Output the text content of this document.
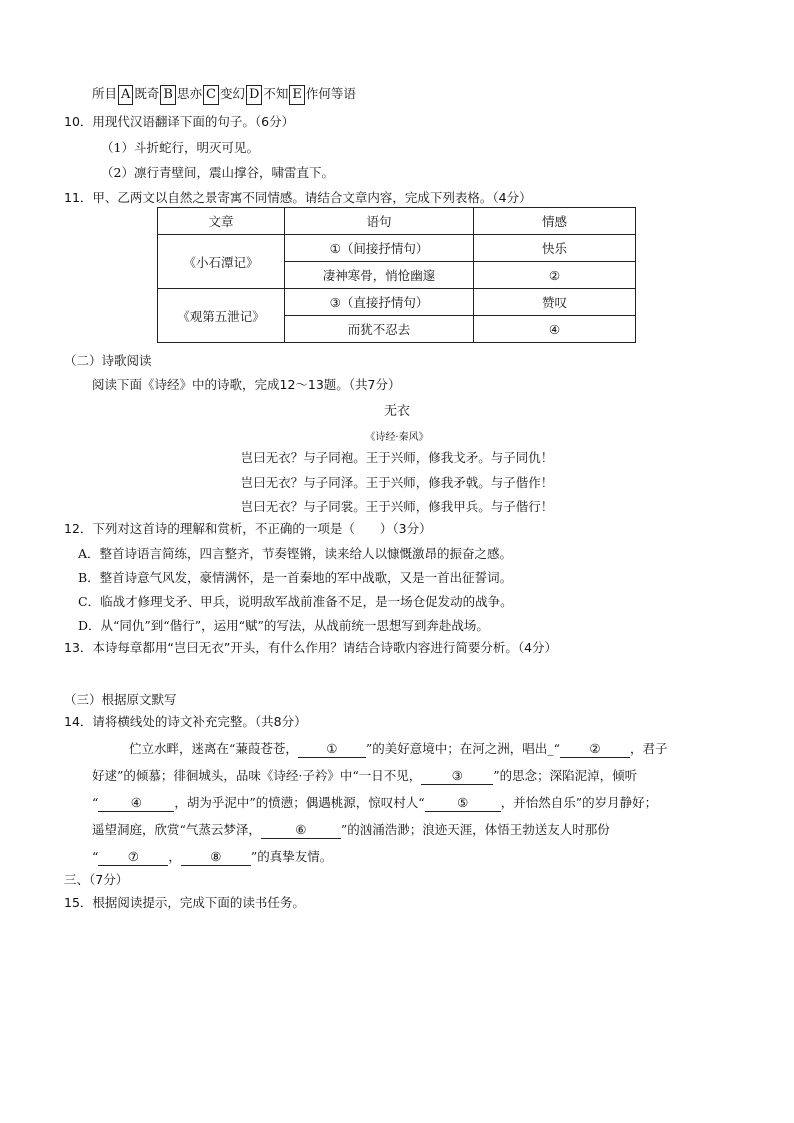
所目 A 既奇 B 思亦 C 变幻 D 不知 E 作何等语
10．用现代汉语翻译下面的句子。（6分）
（1）斗折蛇行，明灭可见。
（2）凛行青壁间，震山撑谷，啸雷直下。
11．甲、乙两文以自然之景寄寓不同情感。请结合文章内容，完成下列表格。（4分）
文章	语句	情感
《小石潭记》	①（间接抒情句）	快乐
	凄神寒骨，悄怆幽邃	②
《观第五泄记》	③（直接抒情句）	赞叹
	而犹不忍去	④
（二）诗歌阅读
阅读下面《诗经》中的诗歌，完成12～13题。（共7分）
无衣
《诗经·秦风》
岂曰无衣？与子同袍。王于兴师，修我戈矛。与子同仇！
岂曰无衣？与子同泽。王于兴师，修我矛戟。与子偕作！
岂曰无衣？与子同裳。王于兴师，修我甲兵。与子偕行！
12．下列对这首诗的理解和赏析，不正确的一项是（　　）（3分）
A．整首诗语言简练，四言整齐，节奏铿锵，读来给人以慷慨激昂的振奋之感。
B．整首诗意气风发，豪情满怀，是一首秦地的军中战歌，又是一首出征誓词。
C．临战才修理戈矛、甲兵，说明敌军战前准备不足，是一场仓促发动的战争。
D．从“同仇”到“偕行”，运用“赋”的写法，从战前统一思想写到奔赴战场。
13．本诗每章都用“岂曰无衣”开头，有什么作用？请结合诗歌内容进行简要分析。（4分）
（三）根据原文默写
14．请将横线处的诗文补充完整。（共8分）
伫立水畔，迷离在“蒹葭苍苍， ① ”的美好意境中；在河之洲，唱出_“ ② ，君子
好逑”的倾慕；徘徊城头，品味《诗经·子衿》中“一日不见， ③ ”的思念；深陷泥淖，倾听
“	④	，胡为乎泥中”的愤懑；偶遇桃源，惊叹村人“	⑤	，并怡然自乐”的岁月静好；
遥望洞庭，欣赏“气蒸云梦泽，	⑥	”的汹涌浩渺；浪迹天涯，体悟王勃送友人时那份
“ ⑦ ， ⑧ ”的真挚友情。
三、（7分）
15．根据阅读提示，完成下面的读书任务。
